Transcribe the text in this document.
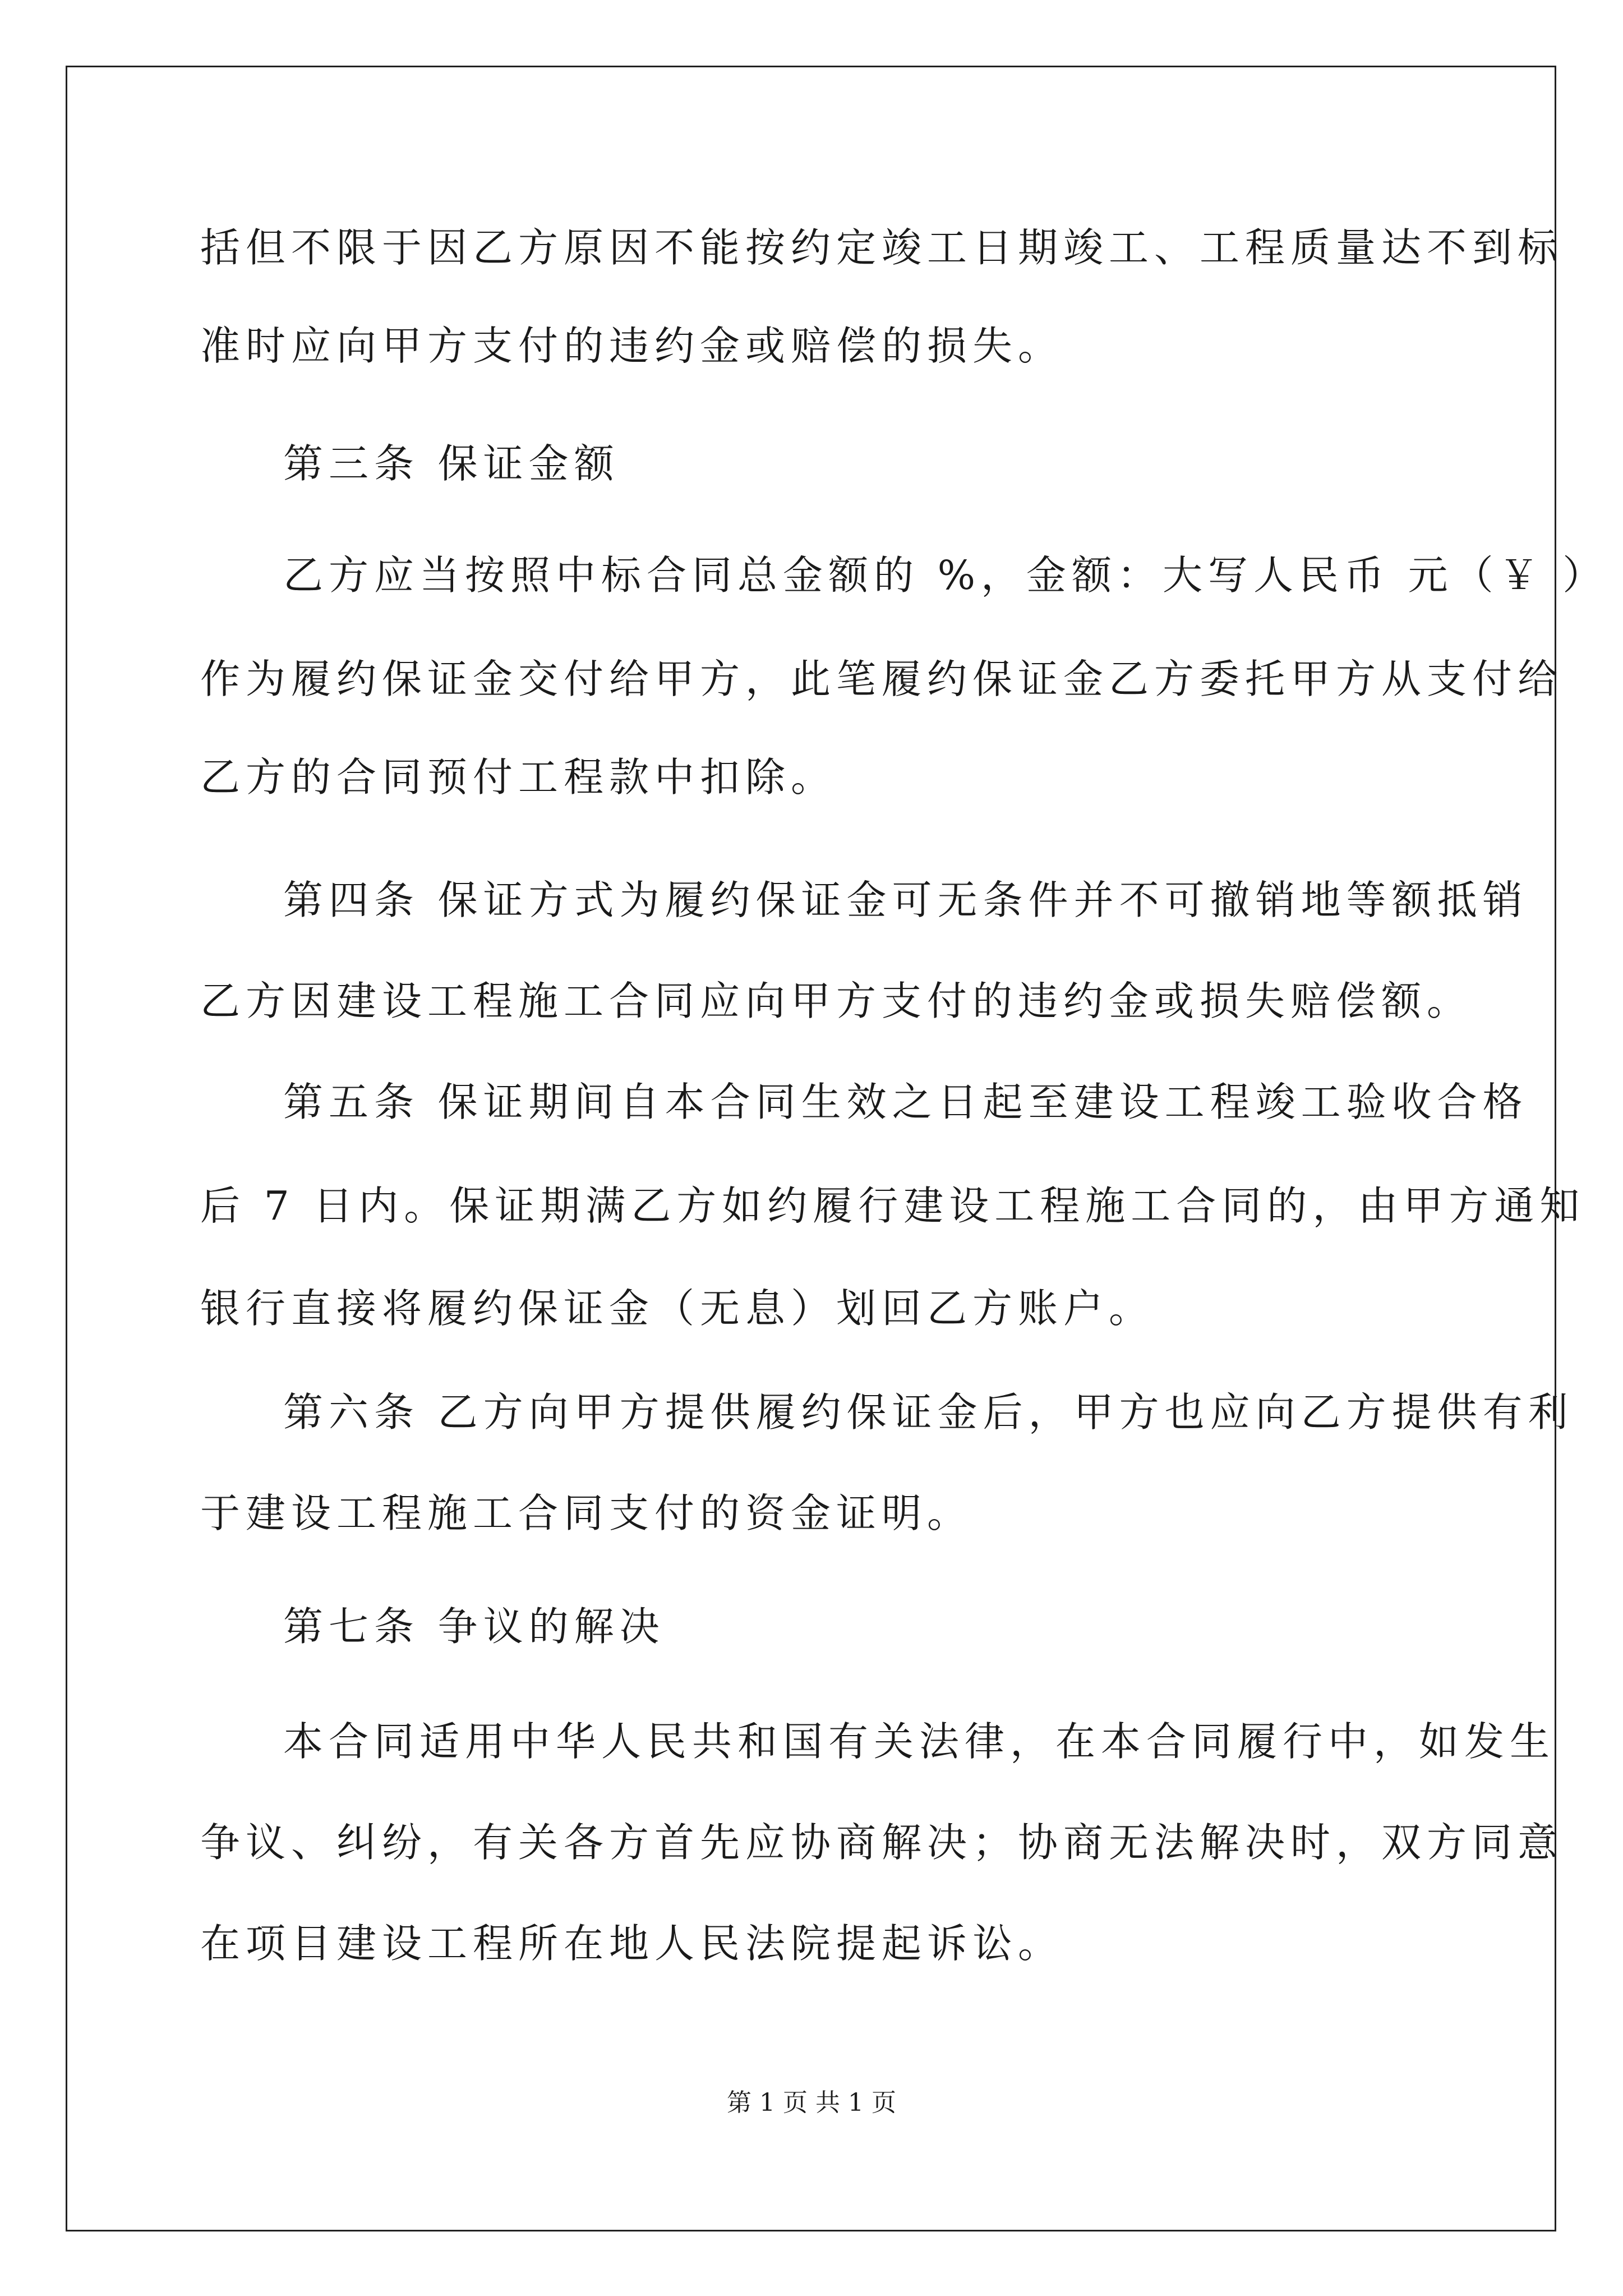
括但不限于因乙方原因不能按约定竣工日期竣工、工程质量达不到标
准时应向甲方支付的违约金或赔偿的损失。
第三条 保证金额
乙方应当按照中标合同总金额的 %，金额：大写人民币 元（￥ ）
作为履约保证金交付给甲方，此笔履约保证金乙方委托甲方从支付给
乙方的合同预付工程款中扣除。
第四条 保证方式为履约保证金可无条件并不可撤销地等额抵销
乙方因建设工程施工合同应向甲方支付的违约金或损失赔偿额。
第五条 保证期间自本合同生效之日起至建设工程竣工验收合格
后 7 日内。保证期满乙方如约履行建设工程施工合同的，由甲方通知
银行直接将履约保证金（无息）划回乙方账户。
第六条 乙方向甲方提供履约保证金后，甲方也应向乙方提供有利
于建设工程施工合同支付的资金证明。
第七条 争议的解决
本合同适用中华人民共和国有关法律，在本合同履行中，如发生
争议、纠纷，有关各方首先应协商解决；协商无法解决时，双方同意
在项目建设工程所在地人民法院提起诉讼。
第 1 页 共 1 页
